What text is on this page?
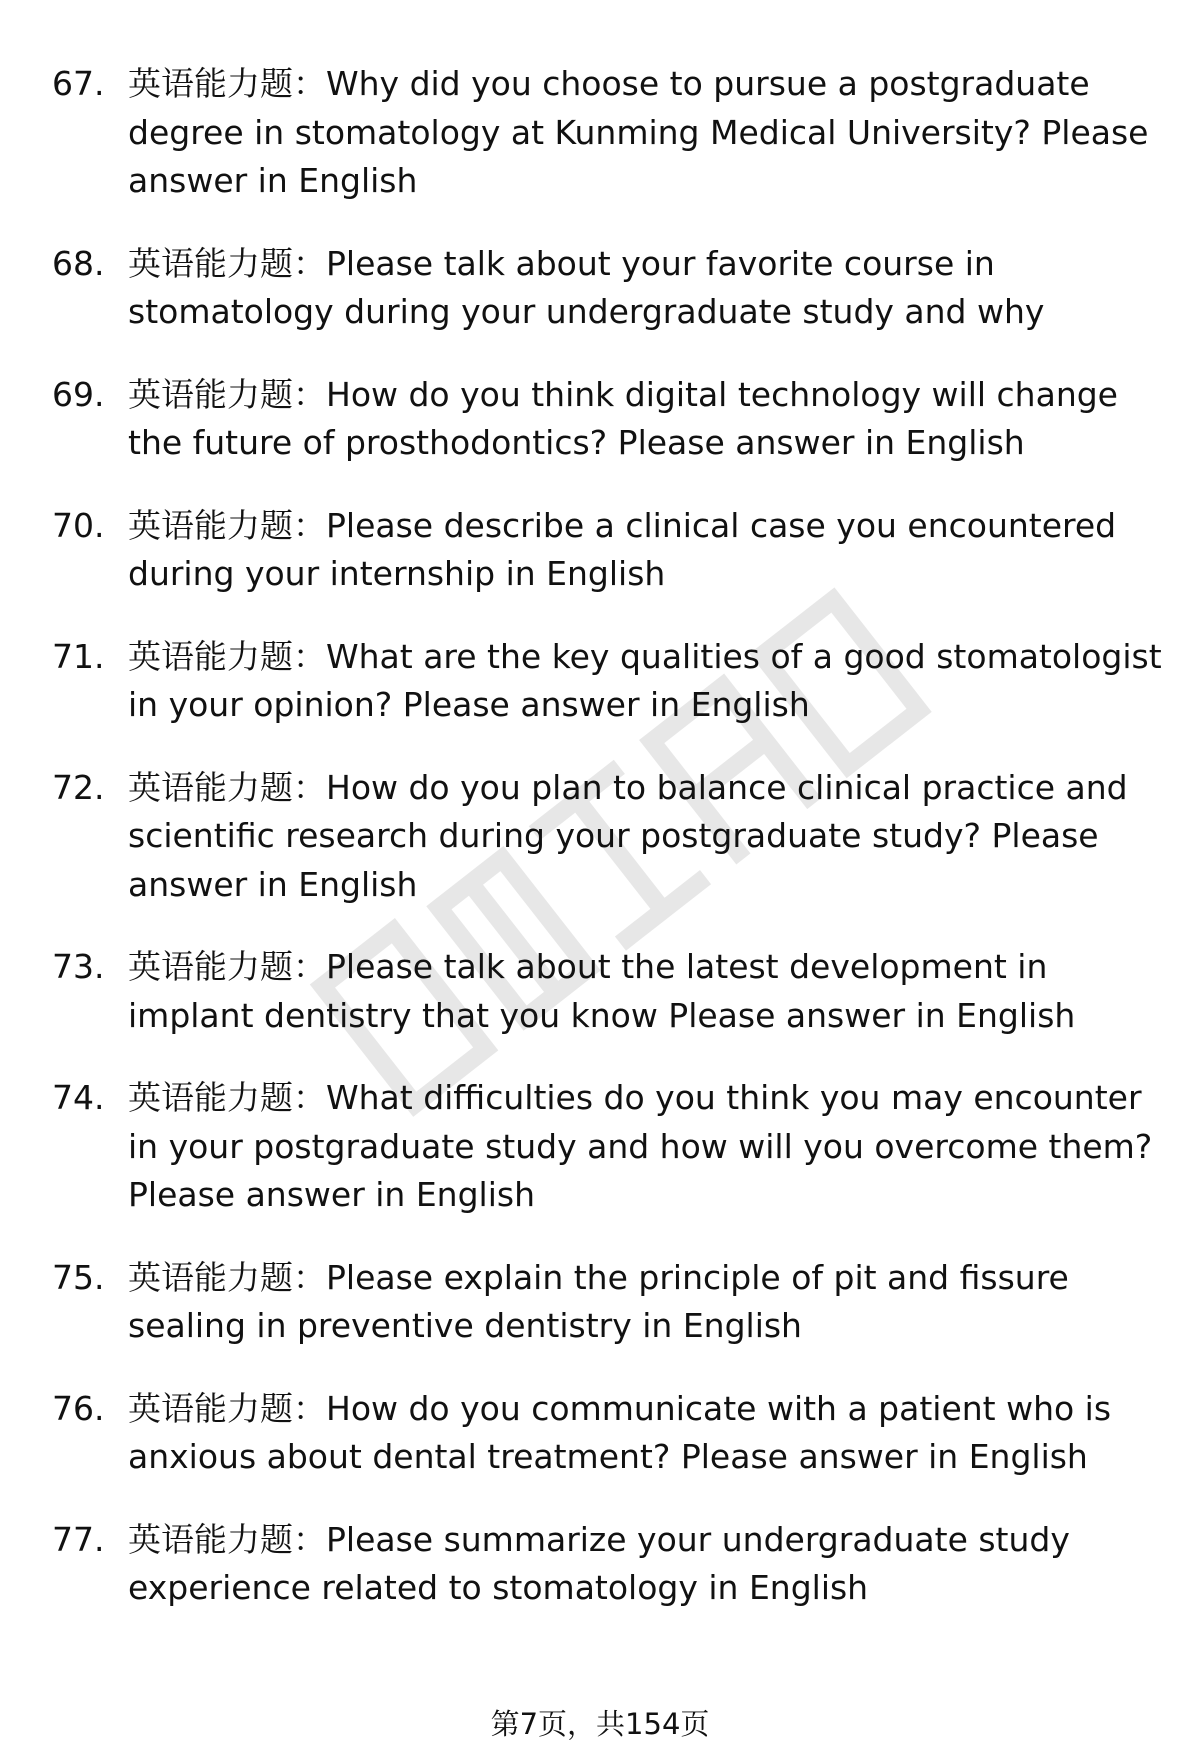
67. 英语能力题：Why did you choose to pursue a postgraduate degree in stomatology at Kunming Medical University? Please answer in English
68. 英语能力题：Please talk about your favorite course in stomatology during your undergraduate study and why
69. 英语能力题：How do you think digital technology will change the future of prosthodontics? Please answer in English
70. 英语能力题：Please describe a clinical case you encountered during your internship in English
71. 英语能力题：What are the key qualities of a good stomatologist in your opinion? Please answer in English
72. 英语能力题：How do you plan to balance clinical practice and scientific research during your postgraduate study? Please answer in English
73. 英语能力题：Please talk about the latest development in implant dentistry that you know Please answer in English
74. 英语能力题：What difficulties do you think you may encounter in your postgraduate study and how will you overcome them? Please answer in English
75. 英语能力题：Please explain the principle of pit and fissure sealing in preventive dentistry in English
76. 英语能力题：How do you communicate with a patient who is anxious about dental treatment? Please answer in English
77. 英语能力题：Please summarize your undergraduate study experience related to stomatology in English
第7页，共154页
